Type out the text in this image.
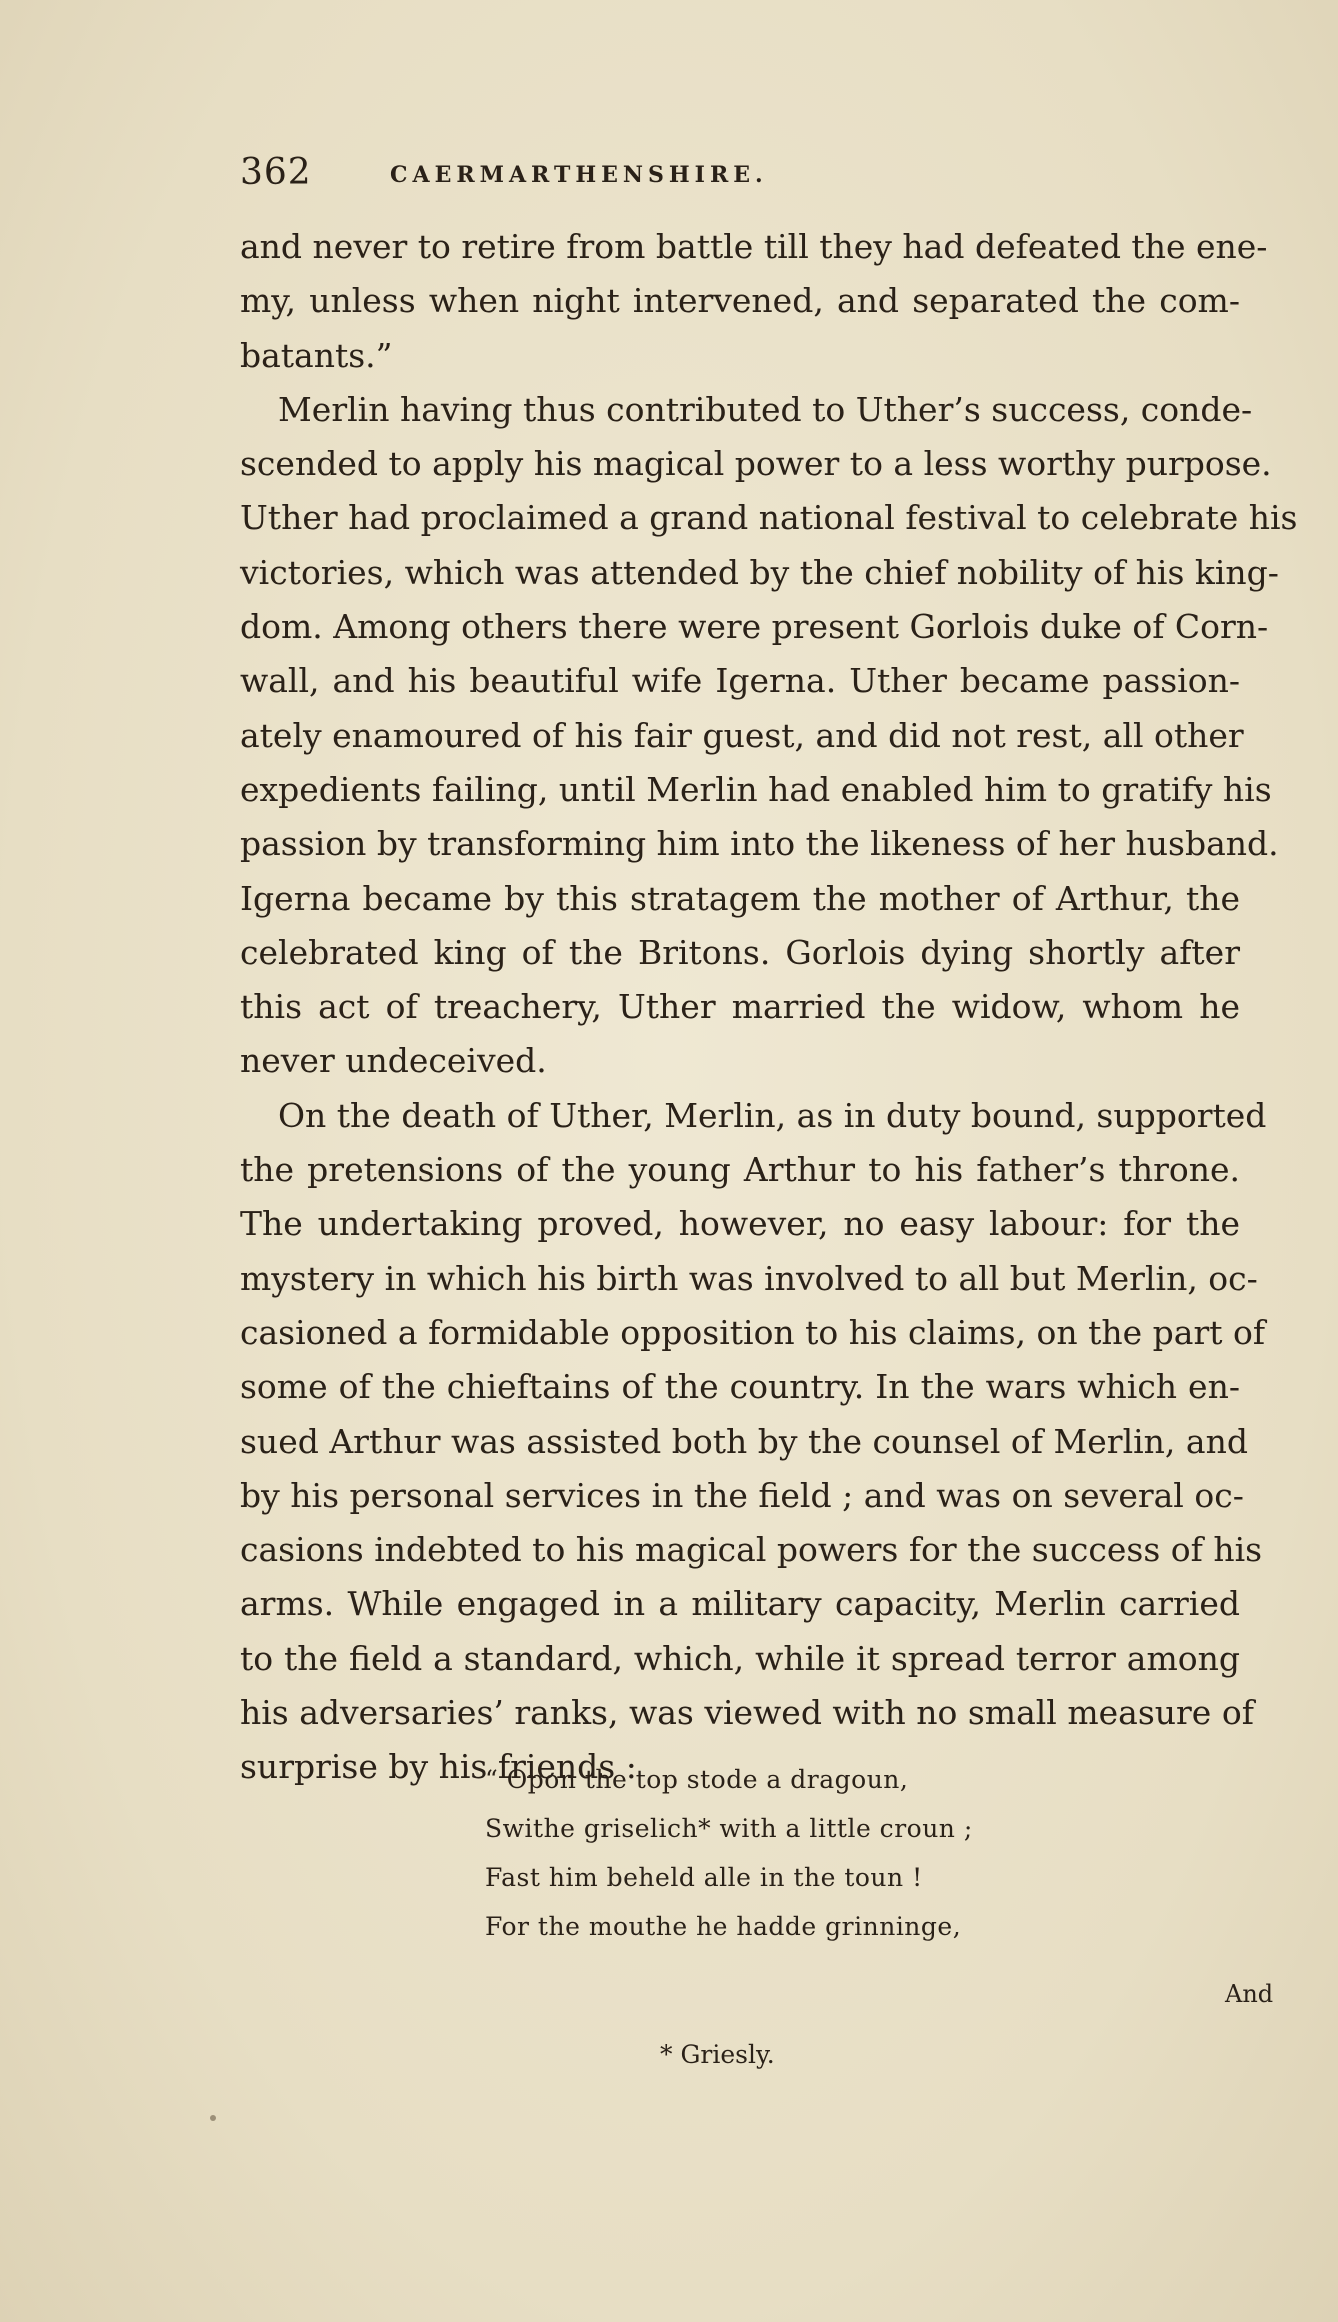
362	CAERMARTHENSHIRE.
and never to retire from battle till they had defeated the ene-
my, unless when night intervened, and separated the com-
batants.”
Merlin having thus contributed to Uther’s success, conde-
scended to apply his magical power to a less worthy purpose.
Uther had proclaimed a grand national festival to celebrate his
victories, which was attended by the chief nobility of his king-
dom. Among others there were present Gorlois duke of Corn-
wall, and his beautiful wife Igerna. Uther became passion-
ately enamoured of his fair guest, and did not rest, all other
expedients failing, until Merlin had enabled him to gratify his
passion by transforming him into the likeness of her husband.
Igerna became by this stratagem the mother of Arthur, the
celebrated king of the Britons. Gorlois dying shortly after
this act of treachery, Uther married the widow, whom he
never undeceived.
On the death of Uther, Merlin, as in duty bound, supported
the pretensions of the young Arthur to his father’s throne.
The undertaking proved, however, no easy labour: for the
mystery in which his birth was involved to all but Merlin, oc-
casioned a formidable opposition to his claims, on the part of
some of the chieftains of the country. In the wars which en-
sued Arthur was assisted both by the counsel of Merlin, and
by his personal services in the field ; and was on several oc-
casions indebted to his magical powers for the success of his
arms. While engaged in a military capacity, Merlin carried
to the field a standard, which, while it spread terror among
his adversaries’ ranks, was viewed with no small measure of
surprise by his friends :
“ Opon the top stode a dragoun,
Swithe griselich* with a little croun ;
Fast him beheld alle in the toun !
For the mouthe he hadde grinninge,
And
* Griesly.
